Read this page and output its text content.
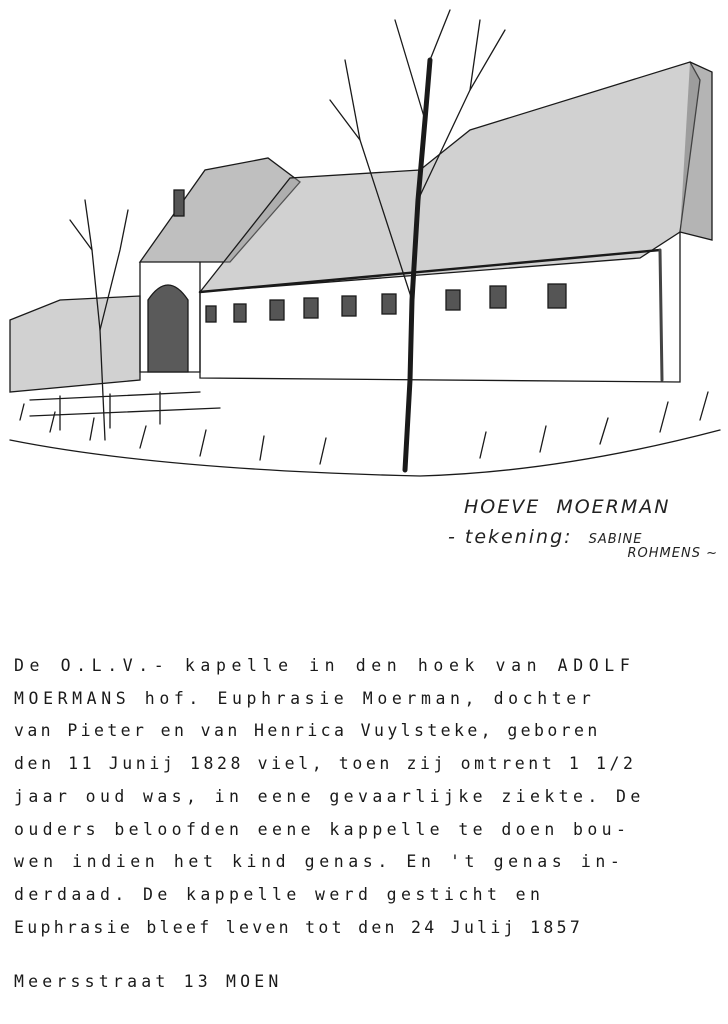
HOEVE  MOERMAN
- tekening: SABINE
ROHMENS ~
De O.L.V.- kapelle in den hoek van ADOLF
MOERMANS hof. Euphrasie Moerman, dochter
van Pieter en van Henrica Vuylsteke, geboren
den 11 Junij 1828 viel, toen zij omtrent 1 1/2
jaar oud was, in eene gevaarlijke ziekte. De
ouders beloofden eene kappelle te doen bou-
wen indien het kind genas. En 't genas in-
derdaad. De kappelle werd gesticht en
Euphrasie bleef leven tot den 24 Julij 1857
Meersstraat 13 MOEN
